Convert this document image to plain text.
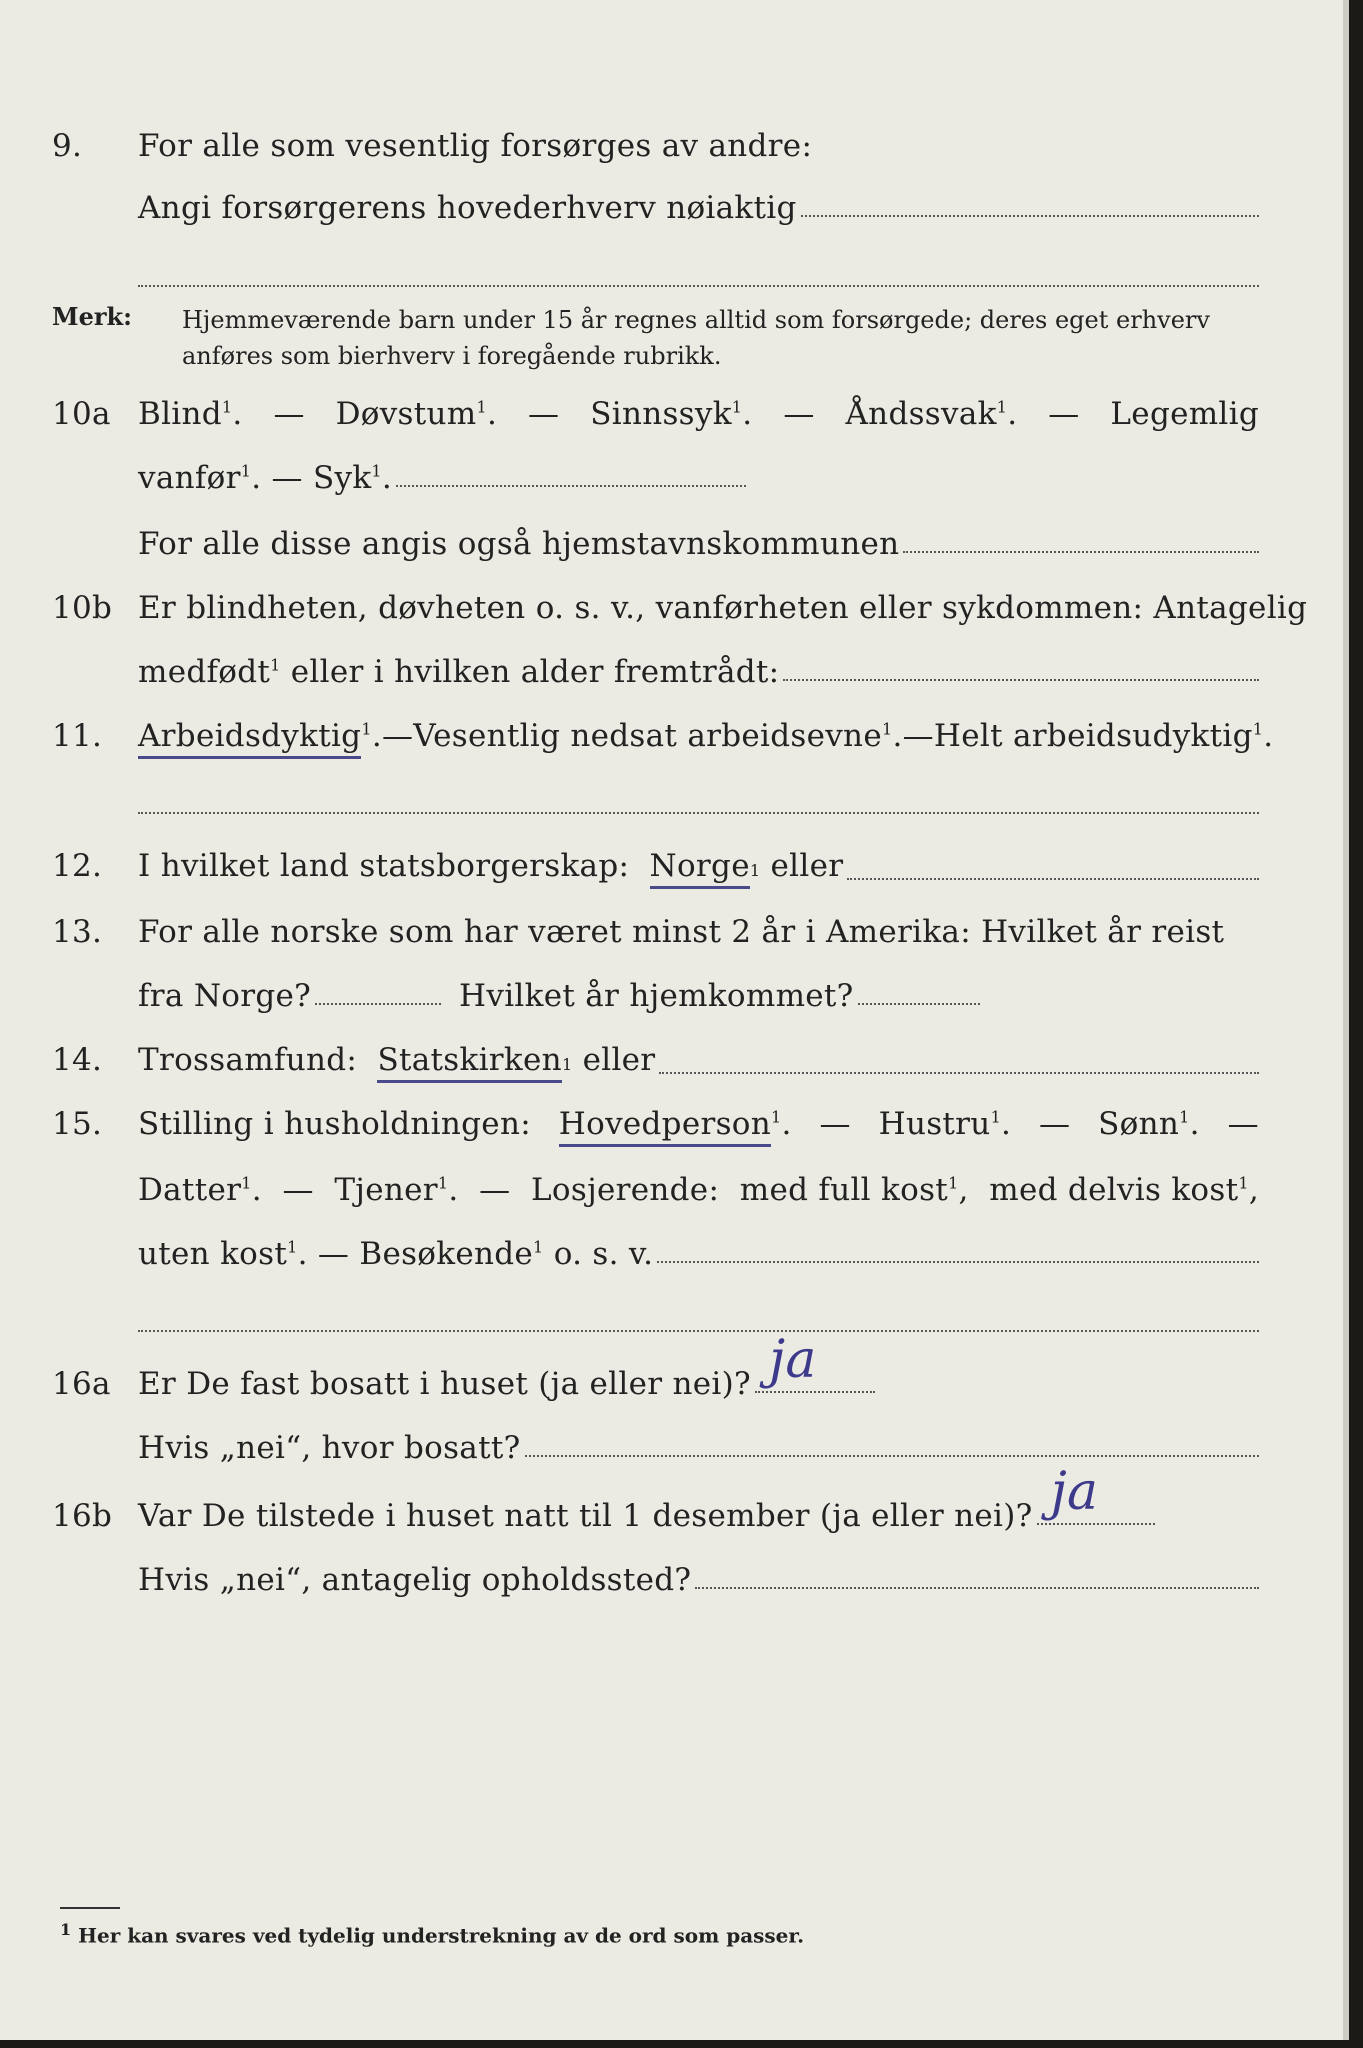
9. For alle som vesentlig forsørges av andre:
Angi forsørgerens hovederhverv nøiaktig
Merk: Hjemmeværende barn under 15 år regnes alltid som forsørgede; deres eget erhverv anføres som bierhverv i foregående rubrikk.
10a Blind$^1$. — Døvstum$^1$. — Sinnssyk$^1$. — Åndssvak$^1$. — Legemlig
vanfør$^1$. — Syk$^1$.
For alle disse angis også hjemstavnskommunen
10b Er blindheten, døvheten o. s. v., vanførheten eller sykdommen: Antagelig
medfødt$^1$ eller i hvilken alder fremtrådt:
11. Arbeidsdyktig$^1$. — Vesentlig nedsat arbeidsevne$^1$. — Helt arbeidsudyktig$^1$.
12. I hvilket land statsborgerskap:
Norge 1
eller
13. For alle norske som har været minst 2 år i Amerika: Hvilket år reist
fra Norge?	Hvilket år hjemkommet?
14. Trossamfund:
Statskirken 1
eller
15. Stilling i husholdningen: Hovedperson$^1$. — Hustru$^1$. — Sønn$^1$. —
Datter$^1$. — Tjener$^1$. — Losjerende: med full kost$^1$, med delvis kost$^1$,
uten kost$^1$. — Besøkende$^1$ o. s. v.
16a Er De fast bosatt i huset (ja eller nei)? ja
Hvis „nei“, hvor bosatt?
16b Var De tilstede i huset natt til 1 desember (ja eller nei)? ja
Hvis „nei“, antagelig opholdssted?
$^1$ Her kan svares ved tydelig understrekning av de ord som passer.
